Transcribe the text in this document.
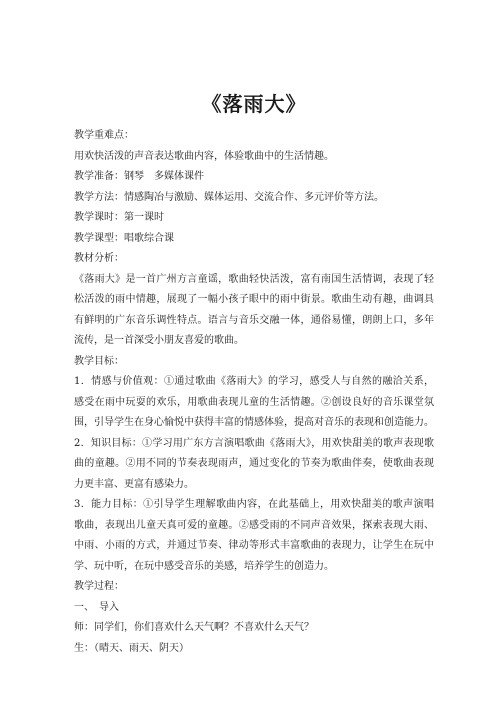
《落雨大》

教学重难点：

用欢快活泼的声音表达歌曲内容，体验歌曲中的生活情趣。

教学准备：钢琴　多媒体课件

教学方法：情感陶冶与激励、媒体运用、交流合作、多元评价等方法。

教学课时：第一课时

教学课型：唱歌综合课

教材分析：

《落雨大》是一首广州方言童谣，歌曲轻快活泼，富有南国生活情调，表现了轻

松活泼的雨中情趣，展现了一幅小孩子眼中的雨中街景。歌曲生动有趣，曲调具

有鲜明的广东音乐调性特点。语言与音乐交融一体，通俗易懂，朗朗上口，多年

流传，是一首深受小朋友喜爱的歌曲。

教学目标：

1．情感与价值观：①通过歌曲《落雨大》的学习，感受人与自然的融洽关系，

感受在雨中玩耍的欢乐，用歌曲表现儿童的生活情趣。②创设良好的音乐课堂氛

围，引导学生在身心愉悦中获得丰富的情感体验，提高对音乐的表现和创造能力。

2．知识目标：①学习用广东方言演唱歌曲《落雨大》，用欢快甜美的歌声表现歌

曲的童趣。②用不同的节奏表现雨声，通过变化的节奏为歌曲伴奏，使歌曲表现

力更丰富、更富有感染力。

3．能力目标：①引导学生理解歌曲内容，在此基础上，用欢快甜美的歌声演唱

歌曲，表现出儿童天真可爱的童趣。②感受雨的不同声音效果，探索表现大雨、

中雨、小雨的方式，并通过节奏、律动等形式丰富歌曲的表现力，让学生在玩中

学、玩中听，在玩中感受音乐的美感，培养学生的创造力。

教学过程：

一、　导入

师：同学们，你们喜欢什么天气啊？不喜欢什么天气？

生：（晴天、雨天、阴天）
